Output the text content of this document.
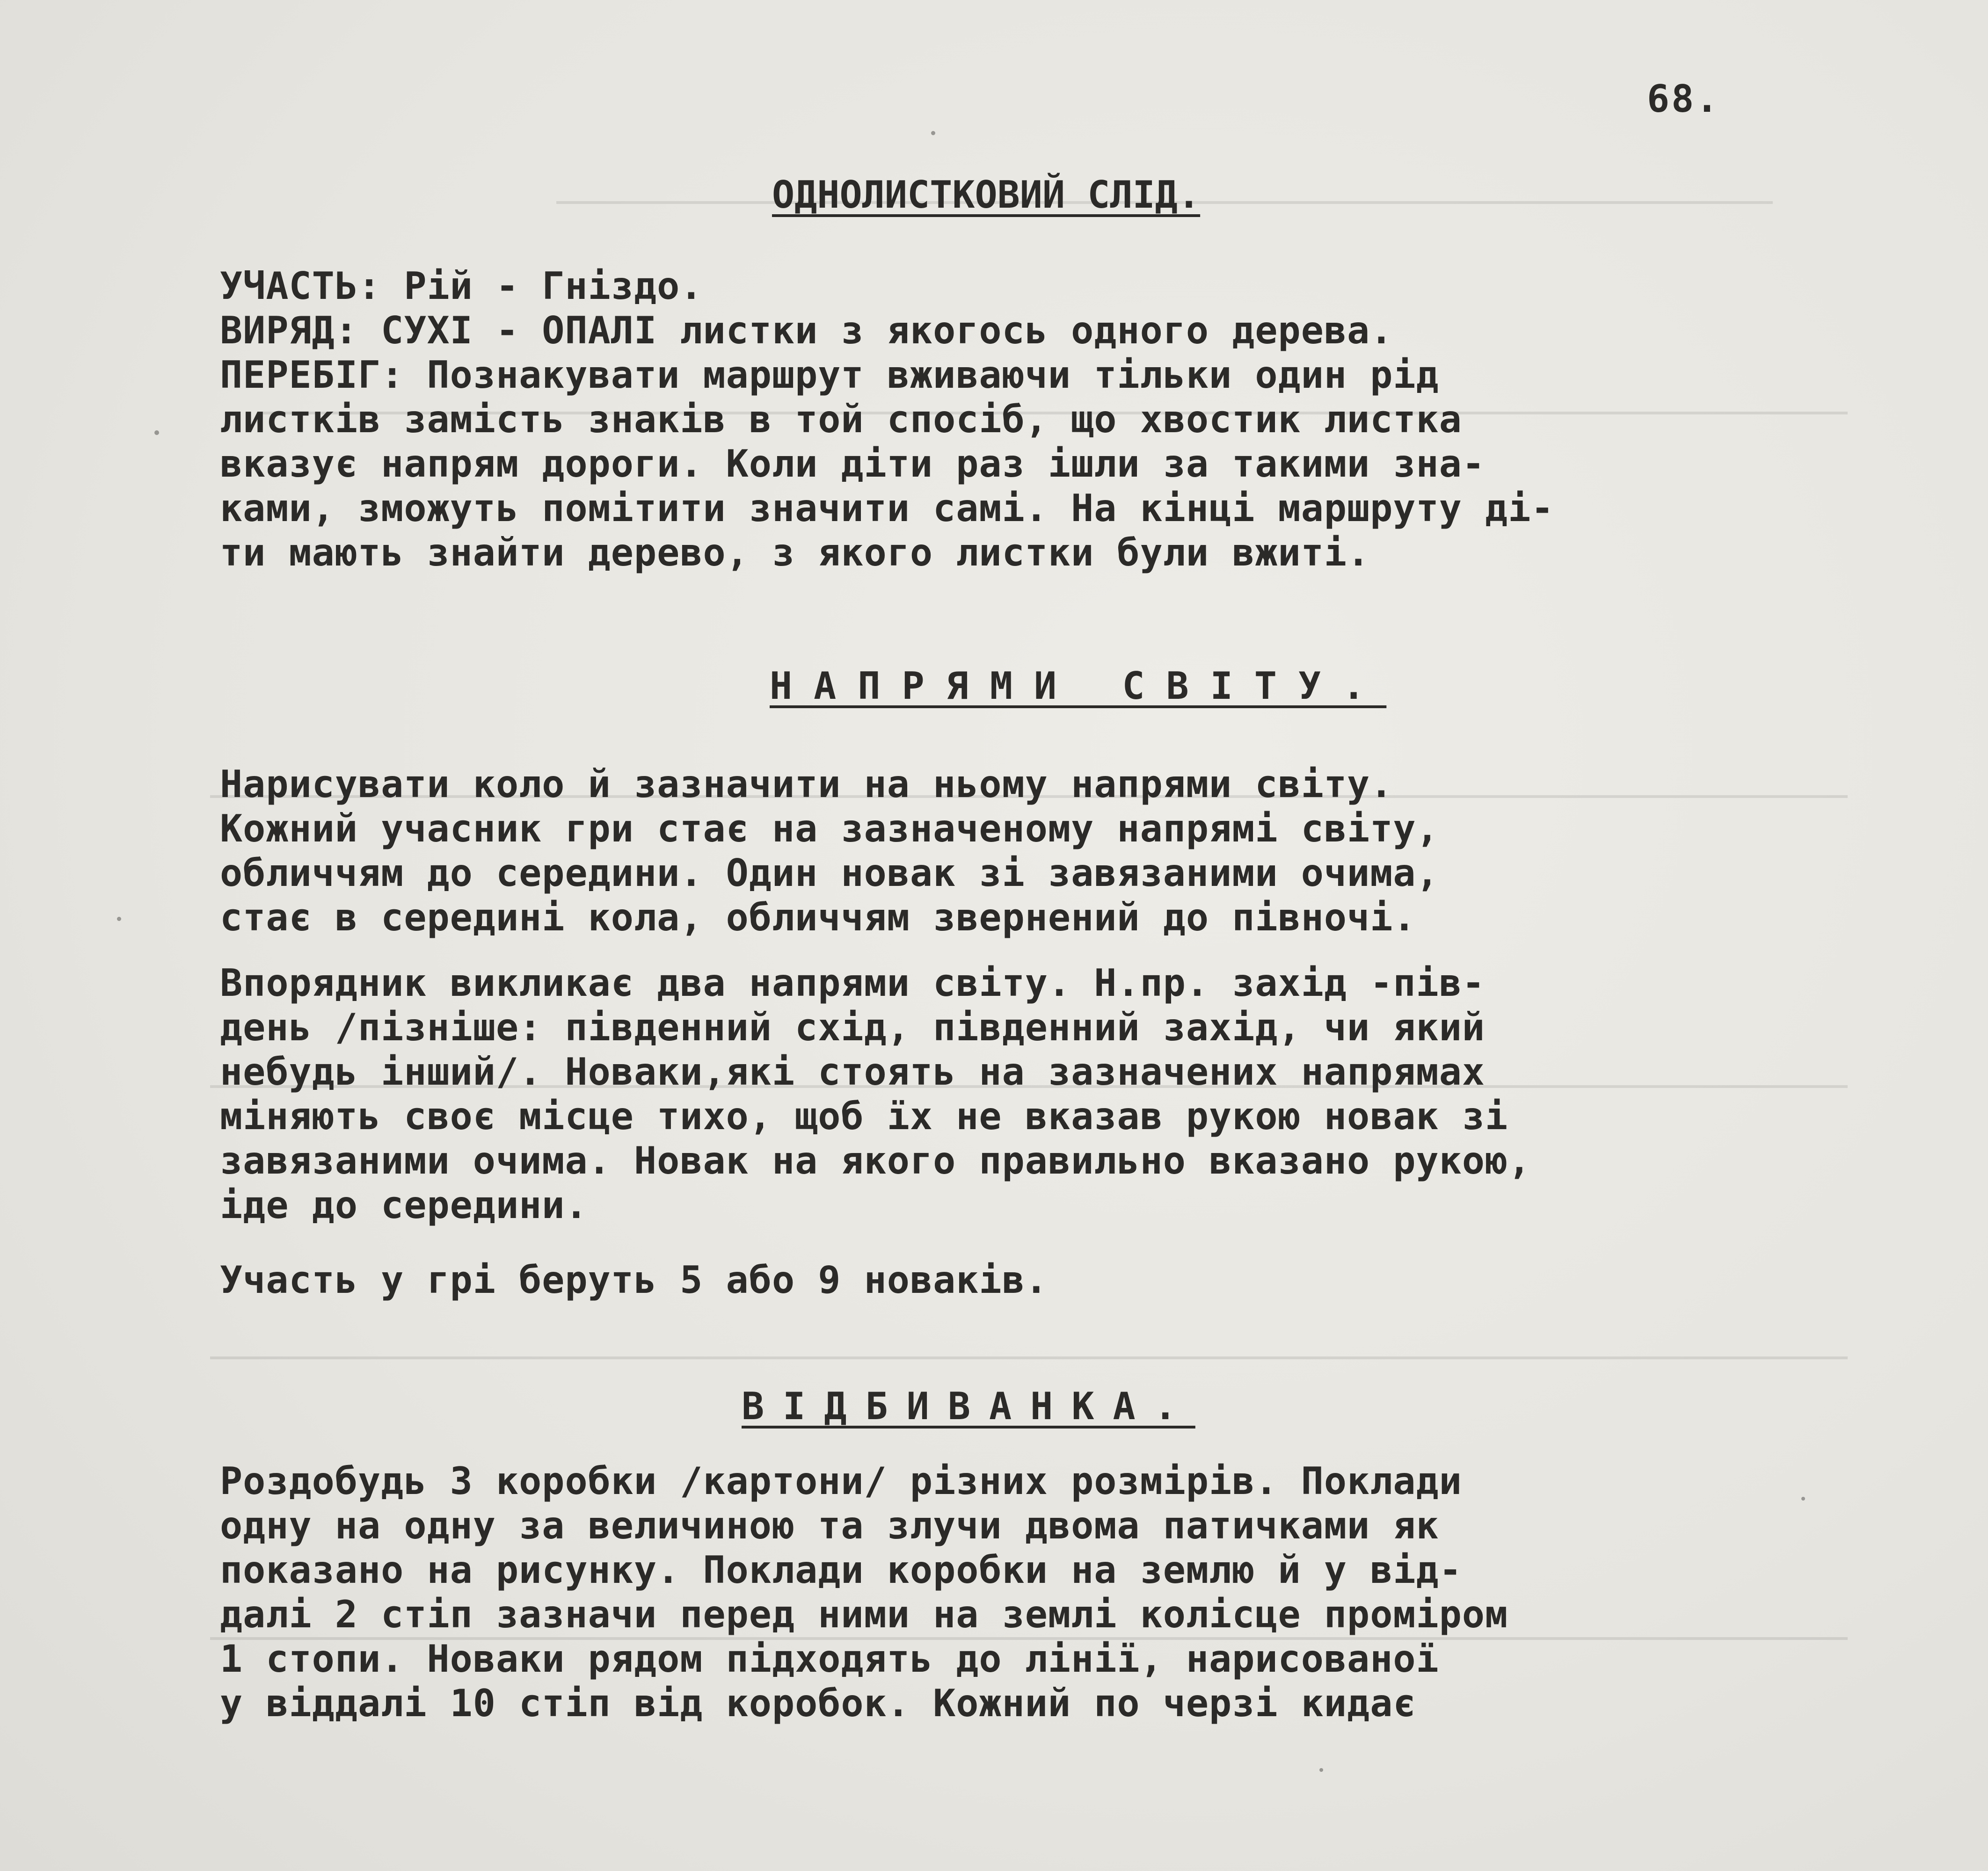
68.
ОДНОЛИСТКОВИЙ СЛІД.
УЧАСТЬ: Рій - Гніздо.
ВИРЯД: СУХІ - ОПАЛІ листки з якогось одного дерева.
ПЕРЕБІГ: Познакувати маршрут вживаючи тільки один рід
листків замість знаків в той спосіб, що хвостик листка
вказує напрям дороги. Коли діти раз ішли за такими зна-
ками, зможуть помітити значити самі. На кінці маршруту ді-
ти мають знайти дерево, з якого листки були вжиті.
НАПРЯМИ СВІТУ.
Нарисувати коло й зазначити на ньому напрями світу.
Кожний учасник гри стає на зазначеному напрямі світу,
обличчям до середини. Один новак зі завязаними очима,
стає в середині кола, обличчям звернений до півночі.
Впорядник викликає два напрями світу. Н.пр. захід -пів-
день /пізніше: південний схід, південний захід, чи який
небудь інший/. Новаки,які стоять на зазначених напрямах
міняють своє місце тихо, щоб їх не вказав рукою новак зі
завязаними очима. Новак на якого правильно вказано рукою,
іде до середини.
Участь у грі беруть 5 або 9 новаків.
ВІДБИВАНКА.
Роздобудь 3 коробки /картони/ різних розмірів. Поклади
одну на одну за величиною та злучи двома патичками як
показано на рисунку. Поклади коробки на землю й у від-
далі 2 стіп зазначи перед ними на землі колісце проміром
1 стопи. Новаки рядом підходять до лінії, нарисованої
у віддалі 10 стіп від коробок. Кожний по черзі кидає
